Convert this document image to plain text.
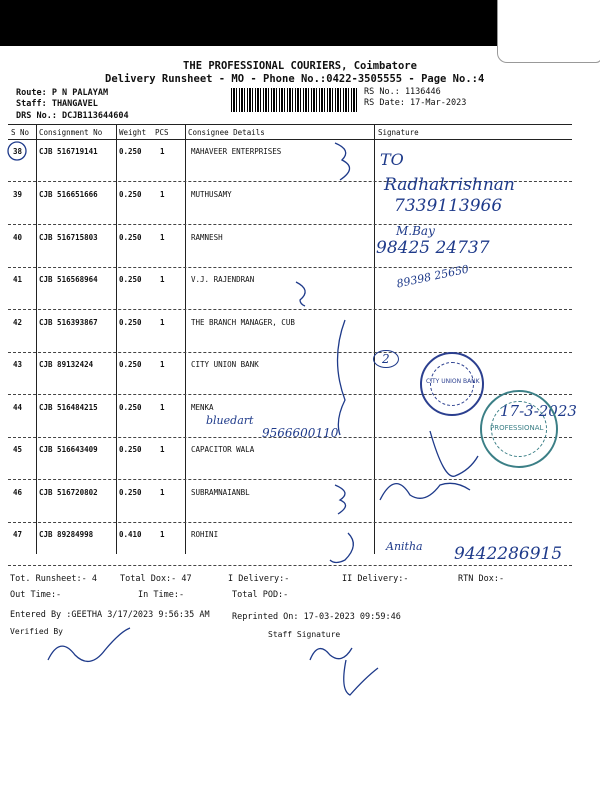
THE PROFESSIONAL COURIERS, Coimbatore
Delivery Runsheet - MO - Phone No.:0422-3505555 - Page No.:4
Route: P N PALAYAM
Staff: THANGAVEL
DRS No.: DCJB113644604
RS No.: 1136446
RS Date: 17-Mar-2023
S No Consignment No Weight PCS	Consignee Details	Signature
38 CJB 516719141	0.250 1	MAHAVEER ENTERPRISES
39 CJB 516651666	0.250 1	MUTHUSAMY
40 CJB 516715803	0.250 1	RAMNESH
41 CJB 516568964	0.250 1	V.J. RAJENDRAN
42 CJB 516393867	0.250 1	THE BRANCH MANAGER, CUB
43 CJB 89132424	0.250 1	CITY UNION BANK
44 CJB 516484215	0.250 1	MENKA
45 CJB 516643409	0.250 1	CAPACITOR WALA
46 CJB 516720802	0.250 1	SUBRAMNAIANBL
47 CJB 89284998	0.410 1	ROHINI
TO
Radhakrishnan
7339113966
M.Bay
98425 24737
89398 25650
2
bluedart
9566600110
17-3-2023
Anitha 9442286915
CITY UNION BANK
PROFESSIONAL
Tot. Runsheet:- 4	Total Dox:- 47	I Delivery:-	II Delivery:-	RTN Dox:-
Out Time:-	In Time:-	Total POD:-
Entered By :GEETHA 3/17/2023 9:56:35 AM	Reprinted On: 17-03-2023 09:59:46
Verified By	Staff Signature
